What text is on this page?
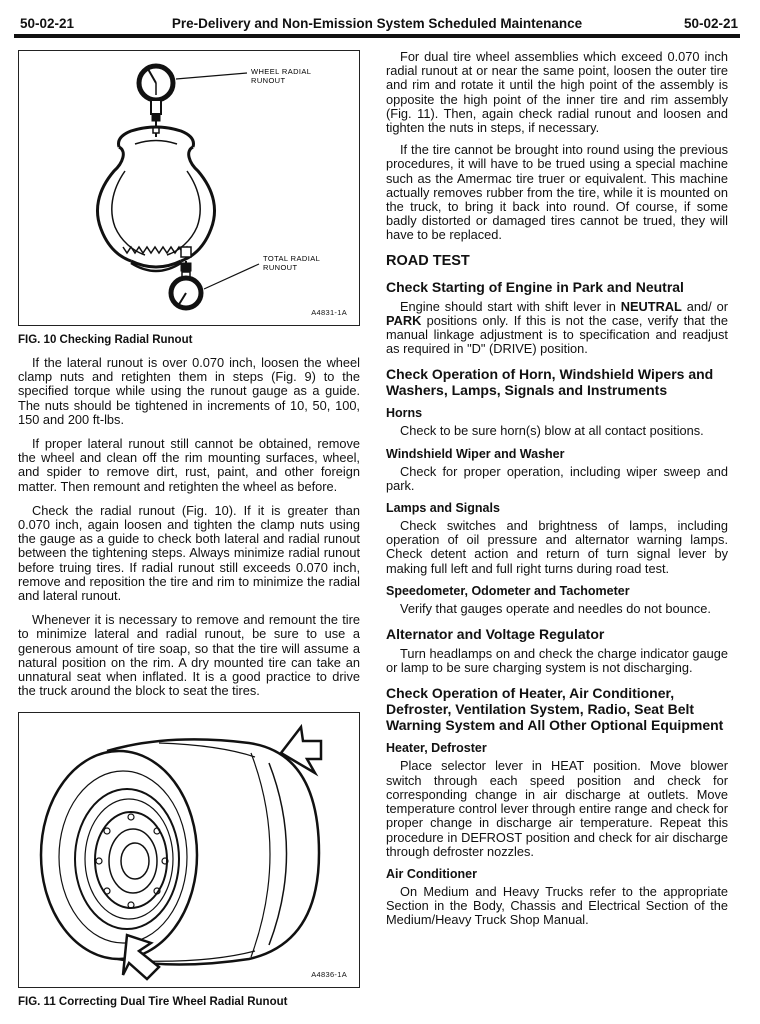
50-02-21	Pre-Delivery and Non-Emission System Scheduled Maintenance	50-02-21
WHEEL RADIAL
RUNOUT
TOTAL RADIAL
RUNOUT
A4831-1A
FIG. 10 Checking Radial Runout

If the lateral runout is over 0.070 inch, loosen the wheel clamp nuts and retighten them in steps (Fig. 9) to the specified torque while using the runout gauge as a guide. The nuts should be tightened in increments of 10, 50, 100, 150 and 200 ft-lbs.

If proper lateral runout still cannot be obtained, remove the wheel and clean off the rim mounting surfaces, wheel, and spider to remove dirt, rust, paint, and other foreign matter. Then remount and retighten the wheel as before.

Check the radial runout (Fig. 10). If it is greater than 0.070 inch, again loosen and tighten the clamp nuts using the gauge as a guide to check both lateral and radial runout between the tightening steps. Always minimize radial runout before truing tires. If radial runout still exceeds 0.070 inch, remove and reposition the tire and rim to minimize the radial and lateral runout.

Whenever it is necessary to remove and remount the tire to minimize lateral and radial runout, be sure to use a generous amount of tire soap, so that the tire will assume a natural position on the rim. A dry mounted tire can take an unnatural seat when inflated. It is a good practice to drive the truck around the block to seat the tires.

A4836-1A
FIG. 11 Correcting Dual Tire Wheel Radial Runout

For dual tire wheel assemblies which exceed 0.070 inch radial runout at or near the same point, loosen the outer tire and rim and rotate it until the high point of the assembly is opposite the high point of the inner tire and rim assembly (Fig. 11). Then, again check radial runout and loosen and tighten the nuts in steps, if necessary.

If the tire cannot be brought into round using the previous procedures, it will have to be trued using a special machine such as the Amermac tire truer or equivalent. This machine actually removes rubber from the tire, while it is mounted on the truck, to bring it back into round. Of course, if some badly distorted or damaged tires cannot be trued, they will have to be replaced.

ROAD TEST
Check Starting of Engine in Park and Neutral

Engine should start with shift lever in NEUTRAL and/ or PARK positions only. If this is not the case, verify that the manual linkage adjustment is to specification and readjust as required in "D" (DRIVE) position.

Check Operation of Horn, Windshield Wipers and Washers, Lamps, Signals and Instruments
Horns

Check to be sure horn(s) blow at all contact positions.

Windshield Wiper and Washer

Check for proper operation, including wiper sweep and park.

Lamps and Signals

Check switches and brightness of lamps, including operation of oil pressure and alternator warning lamps. Check detent action and return of turn signal lever by making full left and full right turns during road test.

Speedometer, Odometer and Tachometer

Verify that gauges operate and needles do not bounce.

Alternator and Voltage Regulator

Turn headlamps on and check the charge indicator gauge or lamp to be sure charging system is not discharging.

Check Operation of Heater, Air Conditioner, Defroster, Ventilation System, Radio, Seat Belt Warning System and All Other Optional Equipment
Heater, Defroster

Place selector lever in HEAT position. Move blower switch through each speed position and check for corresponding change in air discharge at outlets. Move temperature control lever through entire range and check for proper change in discharge air temperature. Repeat this procedure in DEFROST position and check for air discharge through defroster nozzles.

Air Conditioner

On Medium and Heavy Trucks refer to the appropriate Section in the Body, Chassis and Electrical Section of the Medium/Heavy Truck Shop Manual.
